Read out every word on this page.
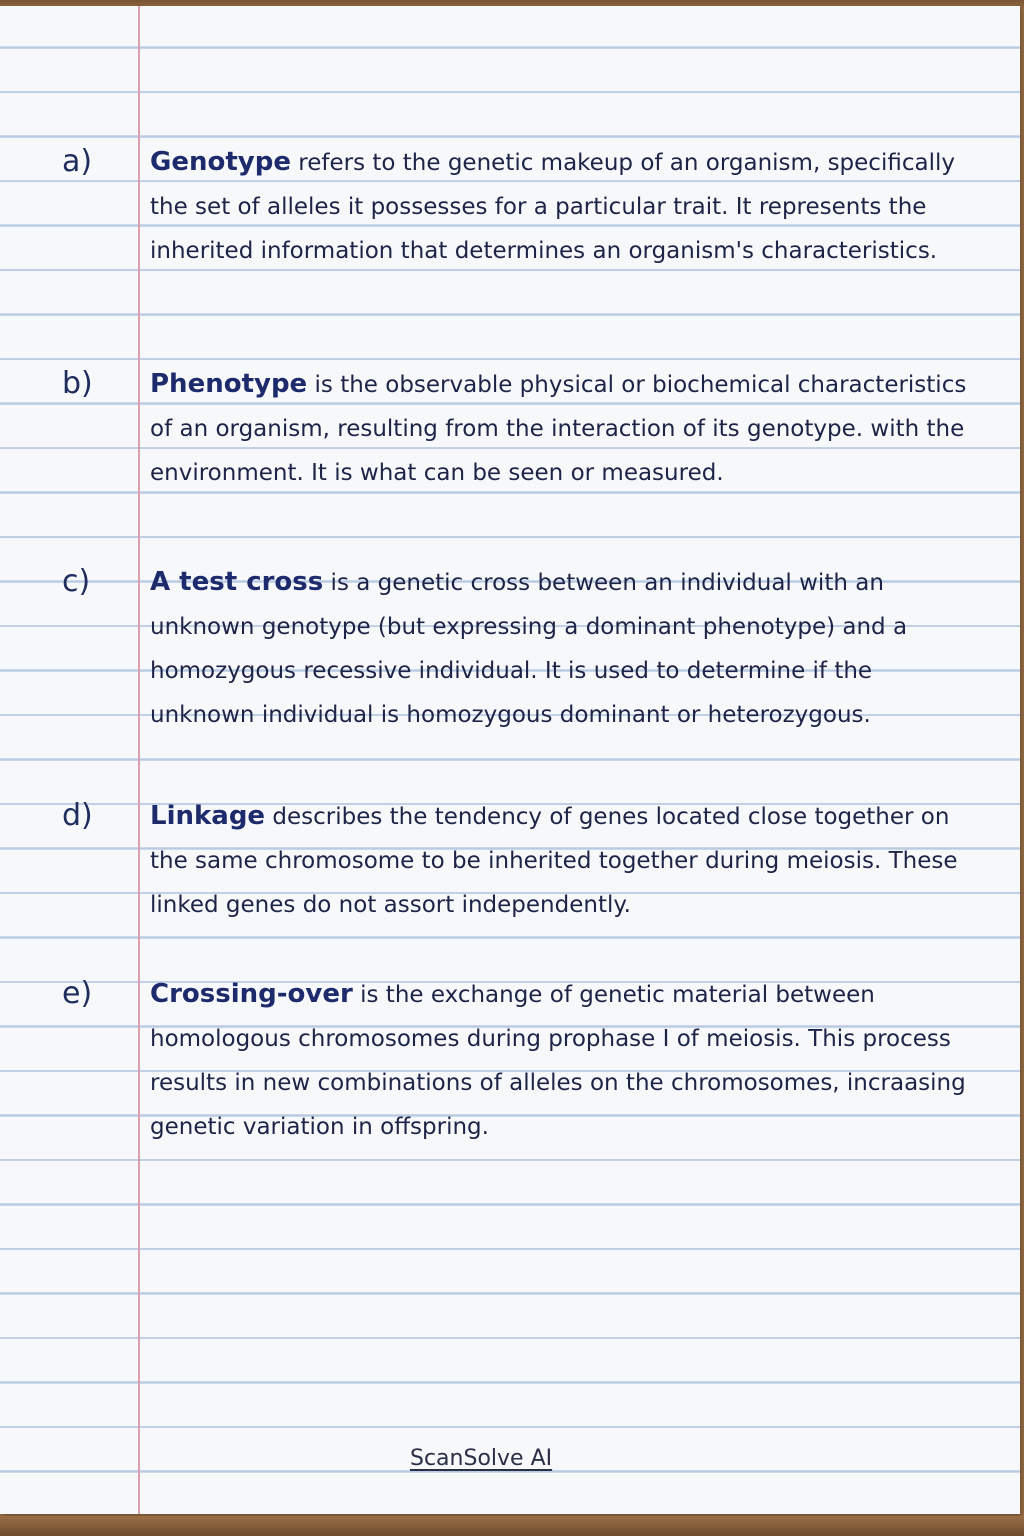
a) Genotype refers to the genetic makeup of an organism, specifically the set of alleles it possesses for a particular trait. It represents the inherited information that determines an organism's characteristics.

b) Phenotype is the observable physical or biochemical characteristics of an organism, resulting from the interaction of its genotype. with the environment. It is what can be seen or measured.

c) A test cross is a genetic cross between an individual with an unknown genotype (but expressing a dominant phenotype) and a homozygous recessive individual. It is used to determine if the unknown individual is homozygous dominant or heterozygous.

d) Linkage describes the tendency of genes located close together on the same chromosome to be inherited together during meiosis. These linked genes do not assort independently.

e) Crossing-over is the exchange of genetic material between homologous chromosomes during prophase I of meiosis. This process results in new combinations of alleles on the chromosomes, incraasing genetic variation in offspring.

ScanSolve AI
